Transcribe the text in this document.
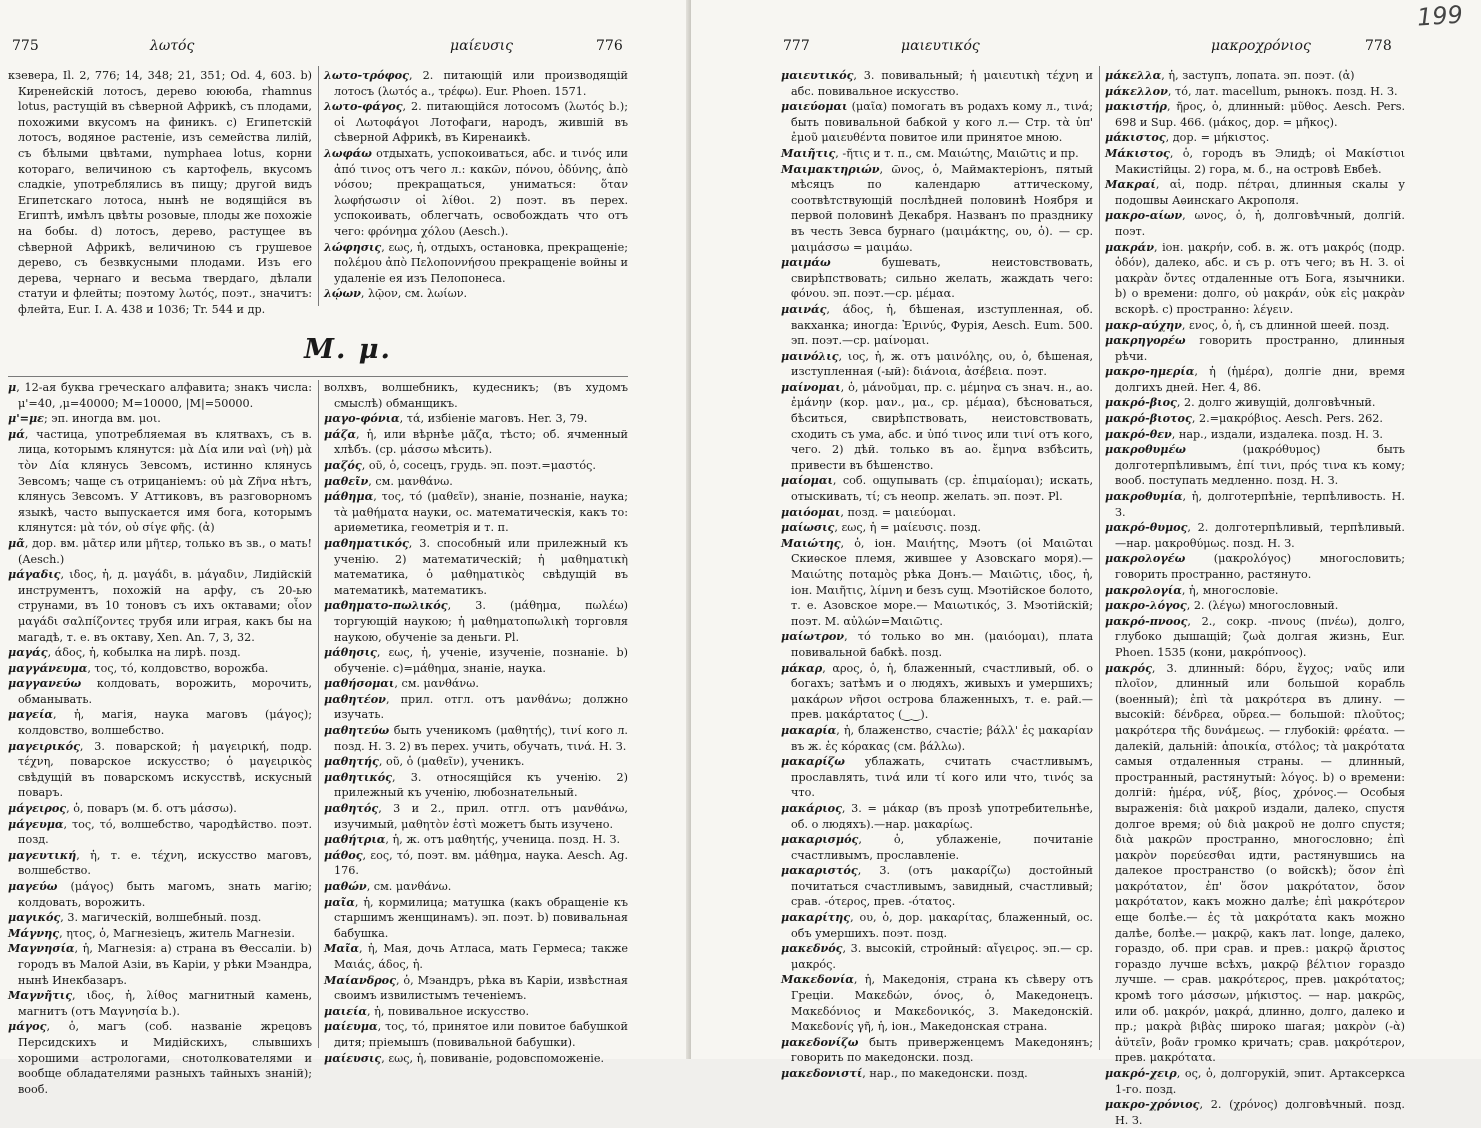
775	λωτός	μαίευσις	776

кзевера, Il. 2, 776; 14, 348; 21, 351; Od. 4, 603. b) Киренейскій лотосъ, дерево юююба, rhamnus lotus, растущій въ сѣверной Африкѣ, съ плодами, похожими вкусомъ на финикъ. c) Египетскій лотосъ, водяное растеніе, изъ семейства лилій, съ бѣлыми цвѣтами, nymphaea lotus, корни котораго, величиною съ картофель, вкусомъ сладкіе, употреблялись въ пищу; другой видъ Египетскаго лотоса, нынѣ не водящійся въ Египтѣ, имѣлъ цвѣты розовые, плоды же похожіе на бобы. d) лотосъ, дерево, растущее въ сѣверной Африкѣ, величиною съ грушевое дерево, съ безвкусными плодами. Изъ его дерева, чернаго и весьма твердаго, дѣлали статуи и флейты; поэтому λωτός, поэт., значитъ: флейта, Eur. I. A. 438 и 1036; Tr. 544 и др.

λωτο-τρόφος, 2. питающій или производящій лотосъ (λωτός а., τρέφω). Eur. Phoen. 1571.

λωτο-φάγος, 2. питающійся лотосомъ (λωτός b.); οἱ Λωτοφάγοι Лотофаги, народъ, жившій въ сѣверной Африкѣ, въ Киренаикѣ.

λωφάω отдыхать, успокоиваться, абс. и τινός или ἀπό τινος отъ чего л.: κακῶν, πόνου, ὀδύνης, ἀπὸ νόσου; прекращаться, униматься: ὅταν λωφήσωσιν οἱ λίθοι. 2) поэт. въ перех. успокоивать, облегчать, освобождать что отъ чего: φρόνημα χόλου (Aesch.).

λώφησις, εως, ἡ, отдыхъ, остановка, прекращеніе; πολέμου ἀπὸ Πελοποννήσου прекращеніе войны и удаленіе ея изъ Пелопонеса.

λῴων, λῷον, см. λωίων.

M. μ.

μ, 12-ая буква греческаго алфавита; знакъ числа: μ'=40, ‚μ=40000; M=10000, |M|=50000.

μ'=με; эп. иногда вм. μοι.

μά, частица, употребляемая въ клятвахъ, съ в. лица, которымъ клянутся: μὰ Δία или ναὶ (νὴ) μὰ τὸν Δία клянусь Зевсомъ, истинно клянусь Зевсомъ; чаще съ отрицаніемъ: οὐ μὰ Ζῆνα нѣтъ, клянусь Зевсомъ. У Аттиковъ, въ разговорномъ языкѣ, часто выпускается имя бога, которымъ клянутся: μὰ τόν, οὐ σίγε φῆς. (ἀ)

μᾶ, дор. вм. μᾶτερ или μῆτερ, только въ зв., о мать! (Aesch.)

μάγαδις, ιδος, ἡ, д. μαγάδι, в. μάγαδιν, Лидійскій инструментъ, похожій на арфу, съ 20-ью струнами, въ 10 тоновъ съ ихъ октавами; οἶον μαγάδι σαλπίζοντες трубя или играя, какъ бы на магадѣ, т. е. въ октаву, Xen. An. 7, 3, 32.

μαγάς, άδος, ἡ, кобылка на лирѣ. позд.

μαγγάνευμα, τος, τό, колдовство, ворожба.

μαγγανεύω колдовать, ворожить, морочить, обманывать.

μαγεία, ἡ, магія, наука маговъ (μάγος); колдовство, волшебство.

μαγειρικός, 3. поварской; ἡ μαγειρική, подр. τέχνη, поварское искусство; ὁ μαγειρικὸς свѣдущій въ поварскомъ искусствѣ, искусный поваръ.

μάγειρος, ὁ, поваръ (м. б. отъ μάσσω).

μάγευμα, τος, τό, волшебство, чародѣйство. поэт. позд.

μαγευτική, ἡ, т. е. τέχνη, искусство маговъ, волшебство.

μαγεύω (μάγος) быть магомъ, знать магію; колдовать, ворожить.

μαγικός, 3. магическій, волшебный. позд.

Μάγνης, ητος, ὁ, Магнезіецъ, житель Магнезіи.

Μαγνησία, ἡ, Магнезія: a) страна въ Θессаліи. b) городъ въ Малой Азіи, въ Каріи, у рѣки Мэандра, нынѣ Инекбазаръ.

Μαγνῆτις, ιδος, ἡ, λίθος магнитный камень, магнитъ (отъ Μαγνησία b.).

μάγος, ὁ, магъ (соб. названіе жрецовъ Персидскихъ и Мидійскихъ, слывшихъ хорошими астрологами, снотолкователями и вообще обладателями разныхъ тайныхъ знаній); вооб.

волхвъ, волшебникъ, кудесникъ; (въ худомъ смыслѣ) обманщикъ.

μαγο-φόνια, τά, избіеніе маговъ. Her. 3, 79.

μάζα, ἡ, или вѣрнѣе μᾶζα, тѣсто; об. ячменный хлѣбъ. (ср. μάσσω мѣсить).

μαζός, οῦ, ὁ, сосецъ, грудь. эп. поэт.=μαστός.

μαθεῖν, см. μανθάνω.

μάθημα, τος, τό (μαθεῖν), знаніе, познаніе, наука; τὰ μαθήματα науки, ос. математическія, какъ то: ариѳметика, геометрія и т. п.

μαθηματικός, 3. способный или прилежный къ ученію. 2) математическій; ἡ μαθηματικὴ математика, ὁ μαθηματικὸς свѣдущій въ математикѣ, математикъ.

μαθηματο-πωλικός, 3. (μάθημα, πωλέω) торгующій наукою; ἡ μαθηματοπωλικὴ торговля наукою, обученіе за деньги. Pl.

μάθησις, εως, ἡ, ученіе, изученіе, познаніе. b) обученіе. c)=μάθημα, знаніе, наука.

μαθήσομαι, см. μανθάνω.

μαθητέον, прил. отгл. отъ μανθάνω; должно изучать.

μαθητεύω быть ученикомъ (μαθητής), τινί кого л. позд. Н. З. 2) въ перех. учить, обучать, τινά. Н. З.

μαθητής, οῦ, ὁ (μαθεῖν), ученикъ.

μαθητικός, 3. относящійся къ ученію. 2) прилежный къ ученію, любознательный.

μαθητός, 3 и 2., прил. отгл. отъ μανθάνω, изучимый, μαθητὸν ἐστὶ можетъ быть изучено.

μαθήτρια, ἡ, ж. отъ μαθητής, ученица. позд. Н. З.

μάθος, εος, τό, поэт. вм. μάθημα, наука. Aesch. Ag. 176.

μαθών, см. μανθάνω.

μαῖα, ἡ, кормилица; матушка (какъ обращеніе къ старшимъ женщинамъ). эп. поэт. b) повивальная бабушка.

Μαῖα, ἡ, Мая, дочь Атласа, мать Гермеса; также Μαιάς, άδος, ἡ.

Μαίανδρος, ὁ, Мэандръ, рѣка въ Каріи, извѣстная своимъ извилистымъ теченіемъ.

μαιεία, ἡ, повивальное искусство.

μαίευμα, τος, τό, принятое или повитое бабушкой дитя; пріемышъ (повивальной бабушки).

μαίευσις, εως, ἡ, повиваніе, родовспоможеніе.

777	μαιευτικός	μακροχρόνιος	778
199

μαιευτικός, 3. повивальный; ἡ μαιευτικὴ τέχνη и абс. повивальное искусство.

μαιεύομαι (μαῖα) помогать въ родахъ кому л., τινά; быть повивальной бабкой у кого л.— Стр. τὰ ὑπ' ἐμοῦ μαιευθέντα повитое или принятое мною.

Μαιῆτις, -ῆτις и т. п., см. Μαιώτης, Μαιῶτις и пр.

Μαιμακτηριών, ῶνος, ὁ, Маймактеріонъ, пятый мѣсяцъ по календарю аттическому, соотвѣтствующій послѣдней половинѣ Ноября и первой половинѣ Декабря. Названъ по празднику въ честь Зевса бурнаго (μαιμάκτης, ου, ὁ). — ср. μαιμάσσω = μαιμάω.

μαιμάω бушевать, неистовствовать, свирѣпствовать; сильно желать, жаждать чего: φόνου. эп. поэт.—ср. μέμαα.

μαινάς, άδος, ἡ, бѣшеная, изступленная, об. вакханка; иногда: Ἐρινύς, Фурія, Aesch. Eum. 500. эп. поэт.—ср. μαίνομαι.

μαινόλις, ιος, ἡ, ж. отъ μαινόλης, ου, ὁ, бѣшеная, изступленная (-ый): διάνοια, ἀσέβεια. поэт.

μαίνομαι, ὁ, μάνοῦμαι, пр. с. μέμηνα съ знач. н., ао. ἐμάνην (кор. μαν., μα., ср. μέμαα), бѣсноваться, бѣситься, свирѣпствовать, неистовствовать, сходить съ ума, абс. и ὑπό τινος или τινί отъ кого, чего. 2) дѣй. только въ ао. ἔμηνα взбѣсить, привести въ бѣшенство.

μαίομαι, соб. ощупывать (ср. ἐπιμαίομαι); искать, отыскивать, τί; съ неопр. желать. эп. поэт. Pl.

μαιόομαι, позд. = μαιεύομαι.

μαίωσις, εως, ἡ = μαίευσις. позд.

Μαιώτης, ὁ, іон. Μαιήτης, Мэотъ (οἱ Μαιῶται Скиѳское племя, жившее у Азовскаго моря).— Μαιώτης ποταμὸς рѣка Донъ.— Μαιῶτις, ιδος, ἡ, іон. Μαιῆτις, λίμνη и безъ сущ. Мэотійское болото, т. е. Азовское море.— Μαιωτικός, 3. Мэотійскій; поэт. Μ. αὐλών=Μαιῶτις.

μαίωτρον, τό только во мн. (μαιόομαι), плата повивальной бабкѣ. позд.

μάκαρ, αρος, ὁ, ἡ, блаженный, счастливый, об. о богахъ; затѣмъ и о людяхъ, живыхъ и умершихъ; μακάρων νῆσοι острова блаженныхъ, т. е. рай.—прев. μακάρτατος (‿‿).

μακαρία, ἡ, блаженство, счастіе; βάλλ' ἐς μακαρίαν въ ж. ἐς κόρακας (см. βάλλω).

μακαρίζω ублажать, считать счастливымъ, прославлять, τινά или τί кого или что, τινός за что.

μακάριος, 3. = μάκαρ (въ прозѣ употребительнѣе, об. о людяхъ).—нар. μακαρίως.

μακαρισμός, ὁ, ублаженіе, почитаніе счастливымъ, прославленіе.

μακαριστός, 3. (отъ μακαρίζω) достойный почитаться счастливымъ, завидный, счастливый; срав. -ότερος, прев. -ότατος.

μακαρίτης, ου, ὁ, дор. μακαρίτας, блаженный, ос. объ умершихъ. поэт. позд.

μακεδνός, 3. высокій, стройный: αἴγειρος. эп.— ср. μακρός.

Μακεδονία, ἡ, Македонія, страна къ сѣверу отъ Греціи. Μακεδών, όνος, ὁ, Македонецъ. Μακεδόνιος и Μακεδονικός, 3. Македонскій. Μακεδονίς γῆ, ἡ, іон., Македонская страна.

μακεδονίζω быть приверженцемъ Македонянъ; говорить по македонски. позд.

μακεδονιστί, нар., по македонски. позд.

μάκελλα, ἡ, заступъ, лопата. эп. поэт. (ἀ)

μάκελλον, τό, лат. macellum, рынокъ. позд. Н. З.

μακιστήρ, ῆρος, ὁ, длинный: μῦθος. Aesch. Pers. 698 и Sup. 466. (μάκος, дор. = μῆκος).

μάκιστος, дор. = μήκιστος.

Μάκιστος, ὁ, городъ въ Элидѣ; οἱ Μακίστιοι Макистійцы. 2) гора, м. б., на островѣ Евбеѣ.

Μακραί, αἱ, подр. πέτραι, длинныя скалы у подошвы Аѳинскаго Акрополя.

μακρο-αίων, ωνος, ὁ, ἡ, долговѣчный, долгій. поэт.

μακράν, іон. μακρήν, соб. в. ж. отъ μακρός (подр. ὁδόν), далеко, абс. и съ р. отъ чего; въ Н. З. οἱ μακρὰν ὄντες отдаленные отъ Бога, язычники. b) о времени: долго, οὐ μακράν, οὐκ εἰς μακρὰν вскорѣ. c) пространно: λέγειν.

μακρ-αύχην, ενος, ὁ, ἡ, съ длинной шеей. позд.

μακρηγορέω говорить пространно, длинныя рѣчи.

μακρο-ημερία, ἡ (ἡμέρα), долгіе дни, время долгихъ дней. Her. 4, 86.

μακρό-βιος, 2. долго живущій, долговѣчный.

μακρό-βιοτος, 2.=μακρόβιος. Aesch. Pers. 262.

μακρό-θεν, нар., издали, издалека. позд. Н. З.

μακροθυμέω (μακρόθυμος) быть долготерпѣливымъ, ἐπί τινι, πρός τινα къ кому; вооб. поступать медленно. позд. Н. З.

μακροθυμία, ἡ, долготерпѣніе, терпѣливость. Н. З.

μακρό-θυμος, 2. долготерпѣливый, терпѣливый.—нар. μακροθύμως. позд. Н. З.

μακρολογέω (μακρολόγος) многословить; говорить пространно, растянуто.

μακρολογία, ἡ, многословіе.

μακρο-λόγος, 2. (λέγω) многословный.

μακρό-πνοος, 2., сокр. -πνους (πνέω), долго, глубоко дышащій; ζωὰ долгая жизнь, Eur. Phoen. 1535 (кони, μακρόπνοος).

μακρός, 3. длинный: δόρυ, ἔγχος; ναῦς или πλοῖον, длинный или большой корабль (военный); ἐπὶ τὰ μακρότερα въ длину. — высокій: δένδρεα, οὔρεα.— большой: πλοῦτος; μακρότερα τῆς δυνάμεως. — глубокій: φρέατα. — далекій, дальній: ἀποικία, στόλος; τὰ μακρότατα самыя отдаленныя страны. — длинный, пространный, растянутый: λόγος. b) о времени: долгій: ἡμέρα, νύξ, βίος, χρόνος.— Особыя выраженія: διὰ μακροῦ издали, далеко, спустя долгое время; οὐ διὰ μακροῦ не долго спустя; διὰ μακρῶν пространно, многословно; ἐπὶ μακρὸν πορεύεσθαι идти, растянувшись на далекое пространство (о войскѣ); ὅσον ἐπὶ μακρότατον, ἐπ' ὅσον μακρότατον, ὅσον μακρότατον, какъ можно далѣе; ἐπὶ μακρότερον еще болѣе.— ἐς τὰ μακρότατα какъ можно далѣе, болѣе.— μακρῷ, какъ лат. longe, далеко, гораздо, об. при срав. и прев.: μακρῷ ἄριστος гораздо лучше всѣхъ, μακρῷ βέλτιον гораздо лучше. — срав. μακρότερος, прев. μακρότατος; кромѣ того μάσσων, μήκιστος. — нар. μακρῶς, или об. μακρόν, μακρά, длинно, долго, далеко и пр.; μακρὰ βιβὰς широко шагая; μακρὸν (-ὰ) ἀϋτεῖν, βοᾶν громко кричать; срав. μακρότερον, прев. μακρότατα.

μακρό-χειρ, ος, ὁ, долгорукій, эпит. Артаксеркса 1-го. позд.

μακρο-χρόνιος, 2. (χρόνος) долговѣчный. позд. Н. З.
